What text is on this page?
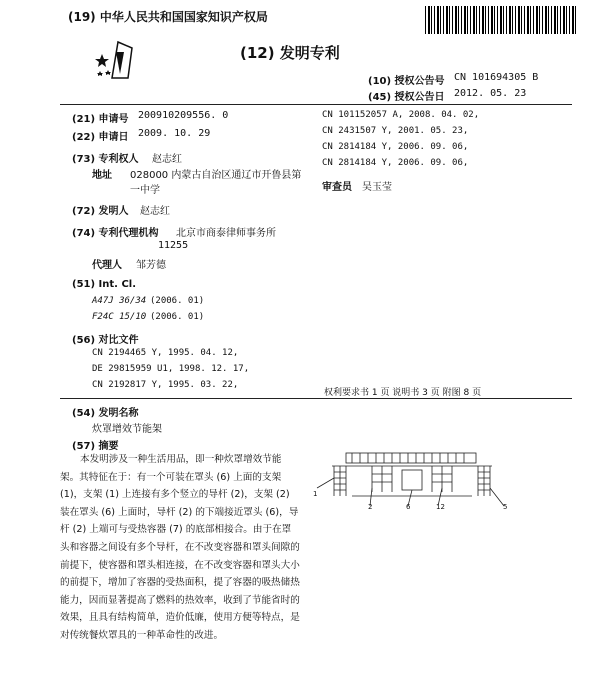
(19) 中华人民共和国国家知识产权局
(12) 发明专利
(10) 授权公告号 CN 101694305 B
(45) 授权公告日 2012. 05. 23
(21) 申请号 200910209556. 0
(22) 申请日 2009. 10. 29
(73) 专利权人 赵志红
地址 028000 内蒙古自治区通辽市开鲁县第
一中学
(72) 发明人 赵志红
(74) 专利代理机构 北京市商泰律师事务所
11255
代理人 邹芳德
(51) Int. Cl.
A47J 36/34 (2006. 01)
F24C 15/10 (2006. 01)
(56) 对比文件
CN 2194465 Y, 1995. 04. 12,
DE 29815959 U1, 1998. 12. 17,
CN 2192817 Y, 1995. 03. 22,
CN 101152057 A, 2008. 04. 02,
CN 2431507 Y, 2001. 05. 23,
CN 2814184 Y, 2006. 09. 06,
CN 2814184 Y, 2006. 09. 06,
审查员 吴玉莹
权利要求书 1 页 说明书 3 页 附图 8 页
(54) 发明名称
炊罩增效节能架
(57) 摘要
本发明涉及一种生活用品，即一种炊罩增效节能架。其特征在于：有一个可装在罩头 (6) 上面的支架 (1)，支架 (1) 上连接有多个竖立的导杆 (2)，支架 (2) 装在罩头 (6) 上面时，导杆 (2) 的下端接近罩头 (6)，导杆 (2) 上端可与受热容器 (7) 的底部相接合。由于在罩头和容器之间设有多个导杆，在不改变容器和罩头间隙的前提下，使容器和罩头相连接，在不改变容器和罩头大小的前提下，增加了容器的受热面积，提了容器的吸热储热能力，因而显著提高了燃料的热效率，收到了节能省时的效果，且具有结构简单，造价低廉，使用方便等特点，是对传统餐炊罩具的一种革命性的改进。
1
2	6	12	5
